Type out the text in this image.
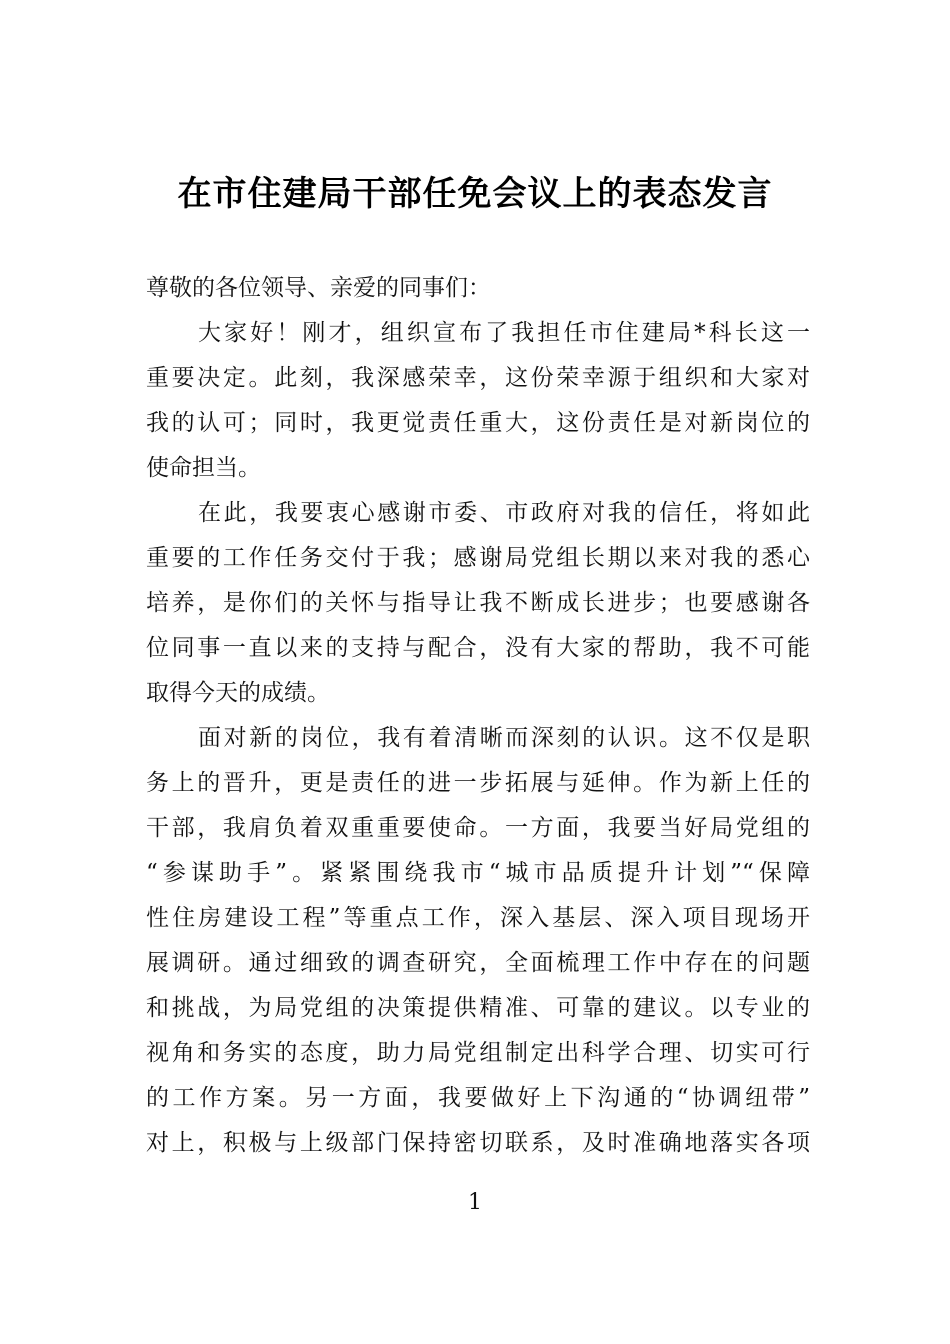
在市住建局干部任免会议上的表态发言
尊敬的各位领导、亲爱的同事们：
大家好！刚才，组织宣布了我担任市住建局*科长这一
重要决定。此刻，我深感荣幸，这份荣幸源于组织和大家对
我的认可；同时，我更觉责任重大，这份责任是对新岗位的
使命担当。
在此，我要衷心感谢市委、市政府对我的信任，将如此
重要的工作任务交付于我；感谢局党组长期以来对我的悉心
培养，是你们的关怀与指导让我不断成长进步；也要感谢各
位同事一直以来的支持与配合，没有大家的帮助，我不可能
取得今天的成绩。
面对新的岗位，我有着清晰而深刻的认识。这不仅是职
务上的晋升，更是责任的进一步拓展与延伸。作为新上任的
干部，我肩负着双重重要使命。一方面，我要当好局党组的
“参谋助手”。紧紧围绕我市“城市品质提升计划”“保障
性住房建设工程”等重点工作，深入基层、深入项目现场开
展调研。通过细致的调查研究，全面梳理工作中存在的问题
和挑战，为局党组的决策提供精准、可靠的建议。以专业的
视角和务实的态度，助力局党组制定出科学合理、切实可行
的工作方案。另一方面，我要做好上下沟通的“协调纽带”
对上，积极与上级部门保持密切联系，及时准确地落实各项
1
